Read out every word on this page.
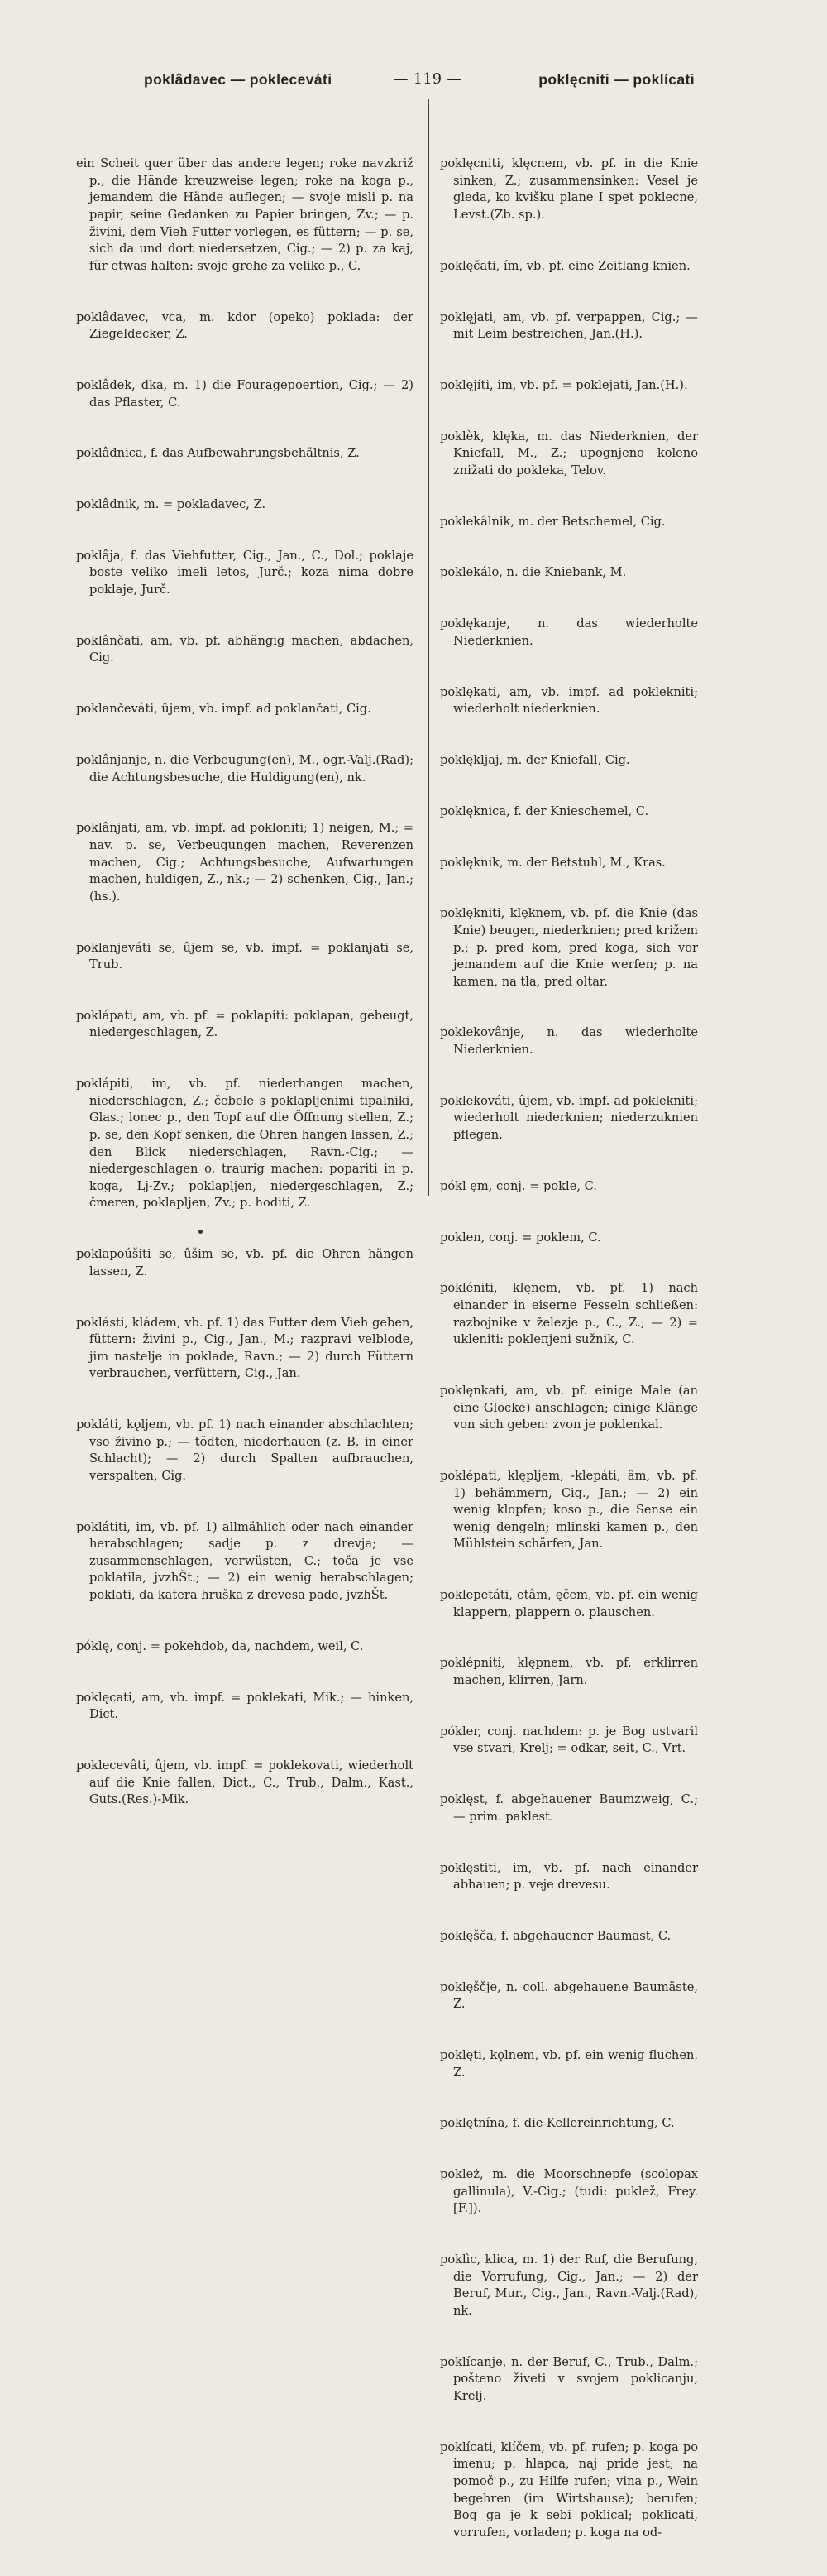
poklâdavec — pokleceváti	— 119 —	poklęcniti — poklícati

ein Scheit quer über das andere legen; roke navzkriž p., die Hände kreuzweise legen; roke na koga p., jemandem die Hände auflegen; — svoje misli p. na papir, seine Gedanken zu Papier bringen, Zv.; — p. živini, dem Vieh Futter vorlegen, es füttern; — p. se, sich da und dort niedersetzen, Cig.; — 2) p. za kaj, für etwas halten: svoje grehe za velike p., C.

poklâdavec, vca, m. kdor (opeko) poklada: der Ziegeldecker, Z.

poklâdek, dka, m. 1) die Fouragepoertion, Cig.; — 2) das Pflaster, C.

poklâdnica, f. das Aufbewahrungsbehältnis, Z.

poklâdnik, m. = pokladavec, Z.

poklâja, f. das Viehfutter, Cig., Jan., C., Dol.; poklaje boste veliko imeli letos, Jurč.; koza nima dobre poklaje, Jurč.

poklânčati, am, vb. pf. abhängig machen, abdachen, Cig.

poklančeváti, ûjem, vb. impf. ad poklančati, Cig.

poklânjanje, n. die Verbeugung(en), M., ogr.-Valj.(Rad); die Achtungsbesuche, die Huldigung(en), nk.

poklânjati, am, vb. impf. ad pokloniti; 1) neigen, M.; = nav. p. se, Verbeugungen machen, Reverenzen machen, Cig.; Achtungsbesuche, Aufwartungen machen, huldigen, Z., nk.; — 2) schenken, Cig., Jan.; (hs.).

poklanjeváti se, ûjem se, vb. impf. = poklanjati se, Trub.

poklápati, am, vb. pf. = poklapiti: poklapan, gebeugt, niedergeschlagen, Z.

poklápiti, im, vb. pf. niederhangen machen, niederschlagen, Z.; čebele s poklaplјenimi tipalniki, Glas.; lonec p., den Topf auf die Öffnung stellen, Z.; p. se, den Kopf senken, die Ohren hangen lassen, Z.; den Blick niederschlagen, Ravn.-Cig.; — niedergeschlagen o. traurig machen: popariti in p. koga, Lj-Zv.; poklapljen, niedergeschlagen, Z.; čmeren, poklapljen, Zv.; p. hoditi, Z.

poklapoúšiti se, ûšim se, vb. pf. die Ohren hängen lassen, Z.

poklásti, kládem, vb. pf. 1) das Futter dem Vieh geben, füttern: živini p., Cig., Jan., M.; razpravi velblode, jim nastelje in poklade, Ravn.; — 2) durch Füttern verbrauchen, verfüttern, Cig., Jan.

pokláti, kǫljem, vb. pf. 1) nach einander abschlachten; vso živino p.; — tödten, niederhauen (z. B. in einer Schlacht); — 2) durch Spalten aufbrauchen, verspalten, Cig.

poklátiti, im, vb. pf. 1) allmählich oder nach einander herabschlagen; sadje p. z drevja; — zusammenschlagen, verwüsten, C.; toča je vse poklatila, jvzhŠt.; — 2) ein wenig herabschlagen; poklati, da katera hruška z drevesa pade, jvzhŠt.

póklę, conj. = pokehdob, da, nachdem, weil, C.

poklęcati, am, vb. impf. = poklekati, Mik.; — hinken, Dict.

poklecevâti, ûjem, vb. impf. = poklekovati, wiederholt auf die Knie fallen, Dict., C., Trub., Dalm., Kast., Guts.(Res.)-Mik.

poklęcniti, klęcnem, vb. pf. in die Knie sinken, Z.; zusammensinken: Vesel je gleda, ko kvišku plane I spet poklecne, Levst.(Zb. sp.).

poklęčati, ím, vb. pf. eine Zeitlang knien.

poklęjati, am, vb. pf. verpappen, Cig.; — mit Leim bestreichen, Jan.(H.).

poklęjíti, im, vb. pf. = poklejati, Jan.(H.).

poklèk, klęka, m. das Niederknien, der Kniefall, M., Z.; upognjeno koleno znižati do pokleka, Telov.

poklekâlnik, m. der Betschemel, Cig.

poklekálǫ, n. die Kniebank, M.

poklękanje, n. das wiederholte Niederknien.

poklękati, am, vb. impf. ad poklekniti; wiederholt niederknien.

poklękljaj, m. der Kniefall, Cig.

poklęknica, f. der Knieschemel, C.

poklęknik, m. der Betstuhl, M., Kras.

poklękniti, klęknem, vb. pf. die Knie (das Knie) beugen, niederknien; pred križem p.; p. pred kom, pred koga, sich vor jemandem auf die Knie werfen; p. na kamen, na tla, pred oltar.

poklekovânje, n. das wiederholte Niederknien.

poklekováti, ûjem, vb. impf. ad poklekniti; wiederholt niederknien; niederzuknien pflegen.

pókl ęm, conj. = pokle, C.

poklen, conj. = poklem, C.

pokléniti, klęnem, vb. pf. 1) nach einander in eiserne Fesseln schließen: razbojnike v železje p., C., Z.; — 2) = ukleniti: pokleпjeni sužnik, C.

poklęnkati, am, vb. pf. einige Male (an eine Glocke) anschlagen; einige Klänge von sich geben: zvon je poklenkal.

poklépati, klępljem, -klepáti, âm, vb. pf. 1) behämmern, Cig., Jan.; — 2) ein wenig klopfen; koso p., die Sense ein wenig dengeln; mlinski kamen p., den Mühlstein schärfen, Jan.

poklepetáti, etâm, ęčem, vb. pf. ein wenig klappern, plappern o. plauschen.

poklépniti, klępnem, vb. pf. erklirren machen, klirren, Jarn.

pókler, conj. nachdem: p. je Bog ustvaril vse stvari, Krelj; = odkar, seit, C., Vrt.

poklęst, f. abgehauener Baumzweig, C.; — prim. paklest.

poklęstiti, im, vb. pf. nach einander abhauen; p. veje drevesu.

poklęšča, f. abgehauener Baumast, C.

poklęščje, n. coll. abgehauene Baumäste, Z.

poklęti, kǫlnem, vb. pf. ein wenig fluchen, Z.

poklętnína, f. die Kellereinrichtung, C.

pokleż, m. die Moorschnepfe (scolopax gallinula), V.-Cig.; (tudi: puklež, Frey.[F.]).

poklìc, klica, m. 1) der Ruf, die Berufung, die Vorrufung, Cig., Jan.; — 2) der Beruf, Mur., Cig., Jan., Ravn.-Valj.(Rad), nk.

poklícanje, n. der Beruf, C., Trub., Dalm.; pošteno živeti v svojem poklicanju, Krelj.

poklícati, klíčem, vb. pf. rufen; p. koga po imenu; p. hlapca, naj pride jest; na pomoč p., zu Hilfe rufen; vina p., Wein begehren (im Wirtshause); berufen; Bog ga je k sebi poklical; poklicati, vorrufen, vorladen; p. koga na od-
